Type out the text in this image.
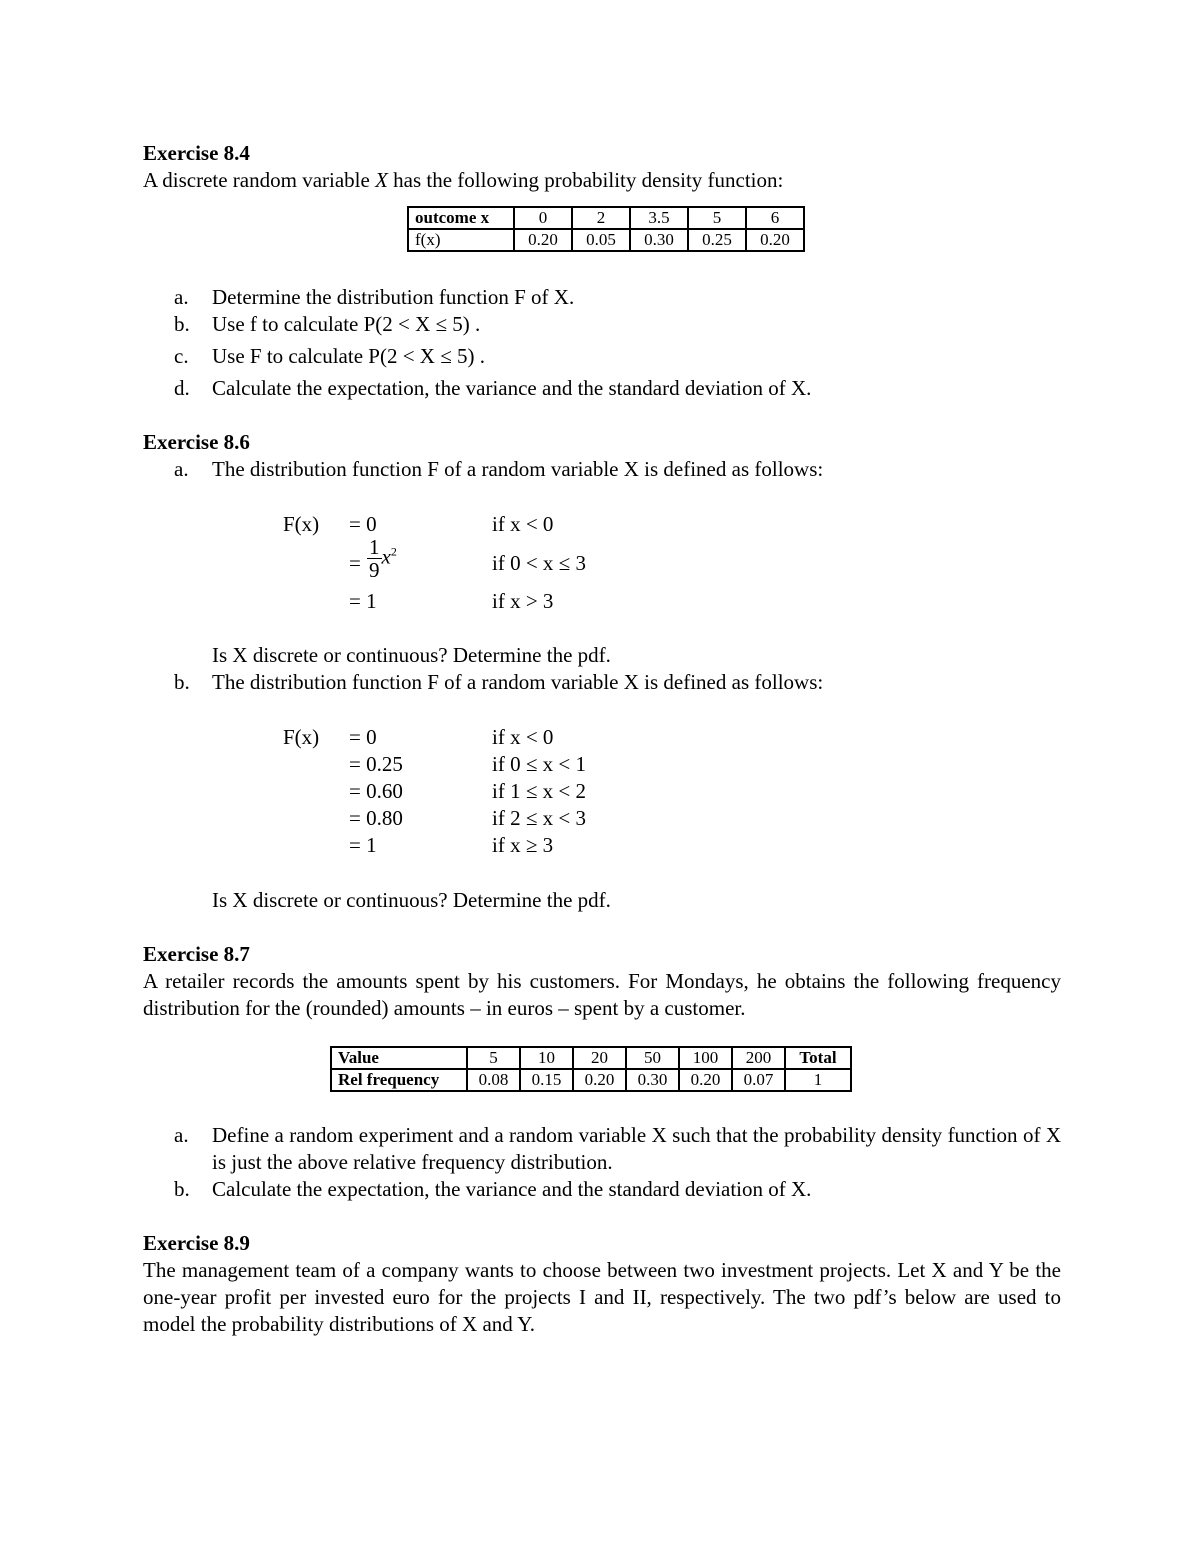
Exercise 8.4

A discrete random variable X has the following probability density function:

outcome x	0	2	3.5	5	6
f(x)	0.20	0.05	0.30	0.25	0.20
a. Determine the distribution function F of X.
b. Use f to calculate P(2 < X ≤ 5) .
c. Use F to calculate P(2 < X ≤ 5) .
d. Calculate the expectation, the variance and the standard deviation of X.

Exercise 8.6

a. The distribution function F of a random variable X is defined as follows:
F(x) = 0	if x < 0
= $\frac{1}{9} x^2$	if 0 < x ≤ 3
= 1	if x > 3

Is X discrete or continuous? Determine the pdf.

b. The distribution function F of a random variable X is defined as follows:
F(x) = 0	if x < 0
= 0.25	if 0 ≤ x < 1
= 0.60	if 1 ≤ x < 2
= 0.80	if 2 ≤ x < 3
= 1	if x ≥ 3

Is X discrete or continuous? Determine the pdf.

Exercise 8.7

A retailer records the amounts spent by his customers. For Mondays, he obtains the following frequency distribution for the (rounded) amounts – in euros – spent by a customer.

Value	5	10	20	50	100	200	Total
Rel frequency	0.08	0.15	0.20	0.30	0.20	0.07	1
a. Define a random experiment and a random variable X such that the probability density function of X is just the above relative frequency distribution.
b. Calculate the expectation, the variance and the standard deviation of X.

Exercise 8.9

The management team of a company wants to choose between two investment projects. Let X and Y be the one-year profit per invested euro for the projects I and II, respectively. The two pdf’s below are used to model the probability distributions of X and Y.
